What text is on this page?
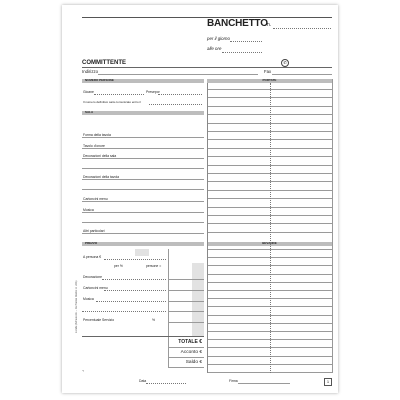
BANCHETTO n.
per il giorno
alle ore
COMMITTENTE	✆
Indirizzo	Fax
NUMERO PERSONE	PORTATE
Gioane	Presepor
Il numero definitivo sarà comunicato entro il
SALA
Forma della tavola
Tavolo d'onore
Decorazioni della sala
Decorazioni della tavola
Cartoncini menu
Musica
Altri particolari
PREZZO	BEVANDE
A persona €
per %	persone =
Decorazione
Cartoncini menu
Musica
Percentuale Servizio	%
TOTALE €
Acconto €
Saldo €
E-mille (Schede Art. – Da Premio Dionisi 11 LMA)
¬
Data	Firma	1
